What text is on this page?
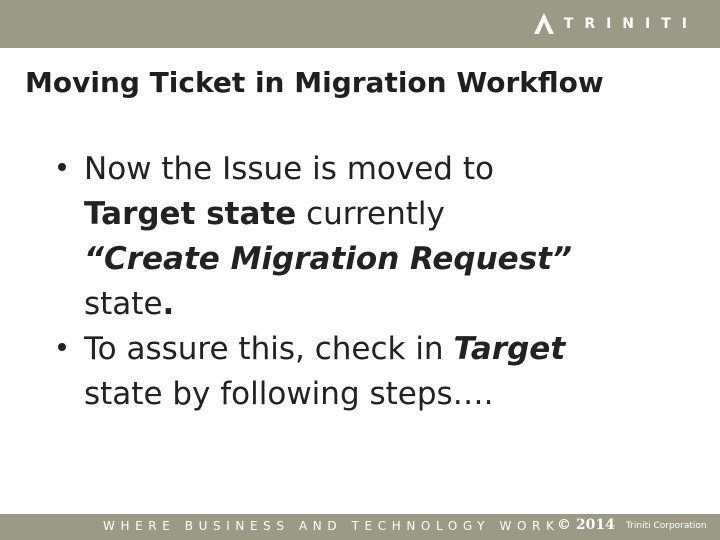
TRINITI
Moving Ticket in Migration Workflow
Now the Issue is moved to
Target state currently
“Create Migration Request”
state.
To assure this, check in Target
state by following steps….
WHERE BUSINESS AND TECHNOLOGY WORK
© 2014 Triniti Corporation
